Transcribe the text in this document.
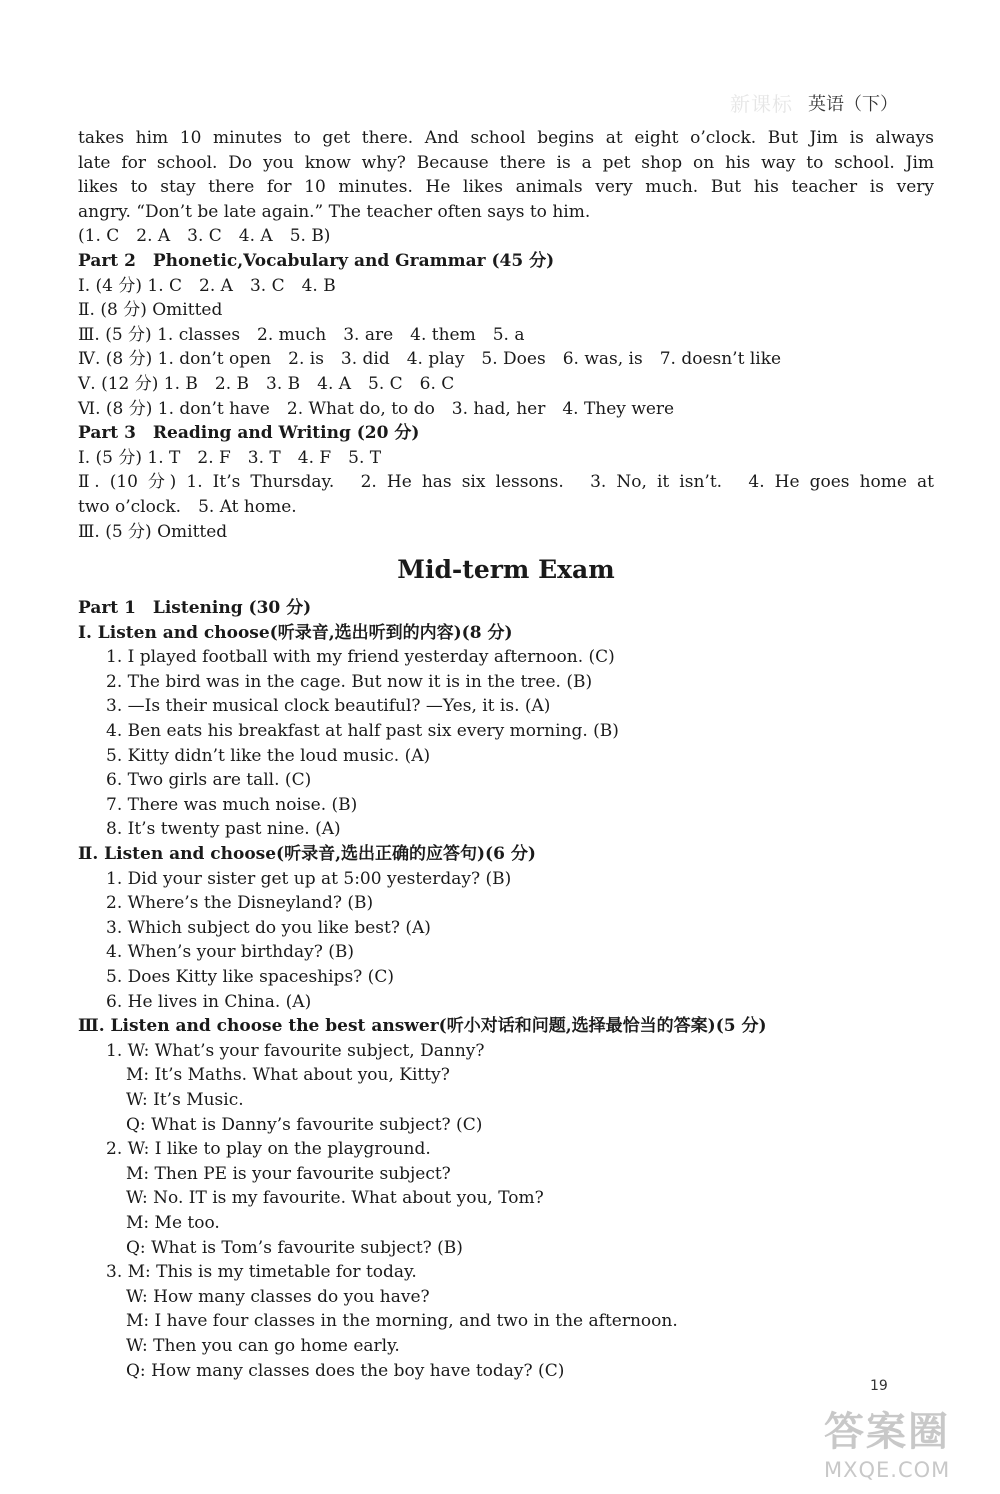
新课标 英语（下）
takes him 10 minutes to get there. And school begins at eight o’clock. But Jim is always
late for school. Do you know why? Because there is a pet shop on his way to school. Jim
likes to stay there for 10 minutes. He likes animals very much. But his teacher is very
angry. “Don’t be late again.” The teacher often says to him.
(1. C　2. A　3. C　4. A　5. B)
Part 2　Phonetic,Vocabulary and Grammar (45 分)
Ⅰ. (4 分) 1. C　2. A　3. C　4. B
Ⅱ. (8 分) Omitted
Ⅲ. (5 分) 1. classes　2. much　3. are　4. them　5. a
Ⅳ. (8 分) 1. don’t open　2. is　3. did　4. play　5. Does　6. was, is　7. doesn’t like
Ⅴ. (12 分) 1. B　2. B　3. B　4. A　5. C　6. C
Ⅵ. (8 分) 1. don’t have　2. What do, to do　3. had, her　4. They were
Part 3　Reading and Writing (20 分)
Ⅰ. (5 分) 1. T　2. F　3. T　4. F　5. T
Ⅱ. (10 分) 1. It’s Thursday.　2. He has six lessons.　3. No, it isn’t.　4. He goes home at
two o’clock.　5. At home.
Ⅲ. (5 分) Omitted
Mid-term Exam
Part 1　Listening (30 分)
Ⅰ. Listen and choose(听录音,选出听到的内容)(8 分)
1. I played football with my friend yesterday afternoon. (C)
2. The bird was in the cage. But now it is in the tree. (B)
3. —Is their musical clock beautiful? —Yes, it is. (A)
4. Ben eats his breakfast at half past six every morning. (B)
5. Kitty didn’t like the loud music. (A)
6. Two girls are tall. (C)
7. There was much noise. (B)
8. It’s twenty past nine. (A)
Ⅱ. Listen and choose(听录音,选出正确的应答句)(6 分)
1. Did your sister get up at 5:00 yesterday? (B)
2. Where’s the Disneyland? (B)
3. Which subject do you like best? (A)
4. When’s your birthday? (B)
5. Does Kitty like spaceships? (C)
6. He lives in China. (A)
Ⅲ. Listen and choose the best answer(听小对话和问题,选择最恰当的答案)(5 分)
1. W: What’s your favourite subject, Danny?
M: It’s Maths. What about you, Kitty?
W: It’s Music.
Q: What is Danny’s favourite subject? (C)
2. W: I like to play on the playground.
M: Then PE is your favourite subject?
W: No. IT is my favourite. What about you, Tom?
M: Me too.
Q: What is Tom’s favourite subject? (B)
3. M: This is my timetable for today.
W: How many classes do you have?
M: I have four classes in the morning, and two in the afternoon.
W: Then you can go home early.
Q: How many classes does the boy have today? (C)
19
答案圈
MXQE.COM
